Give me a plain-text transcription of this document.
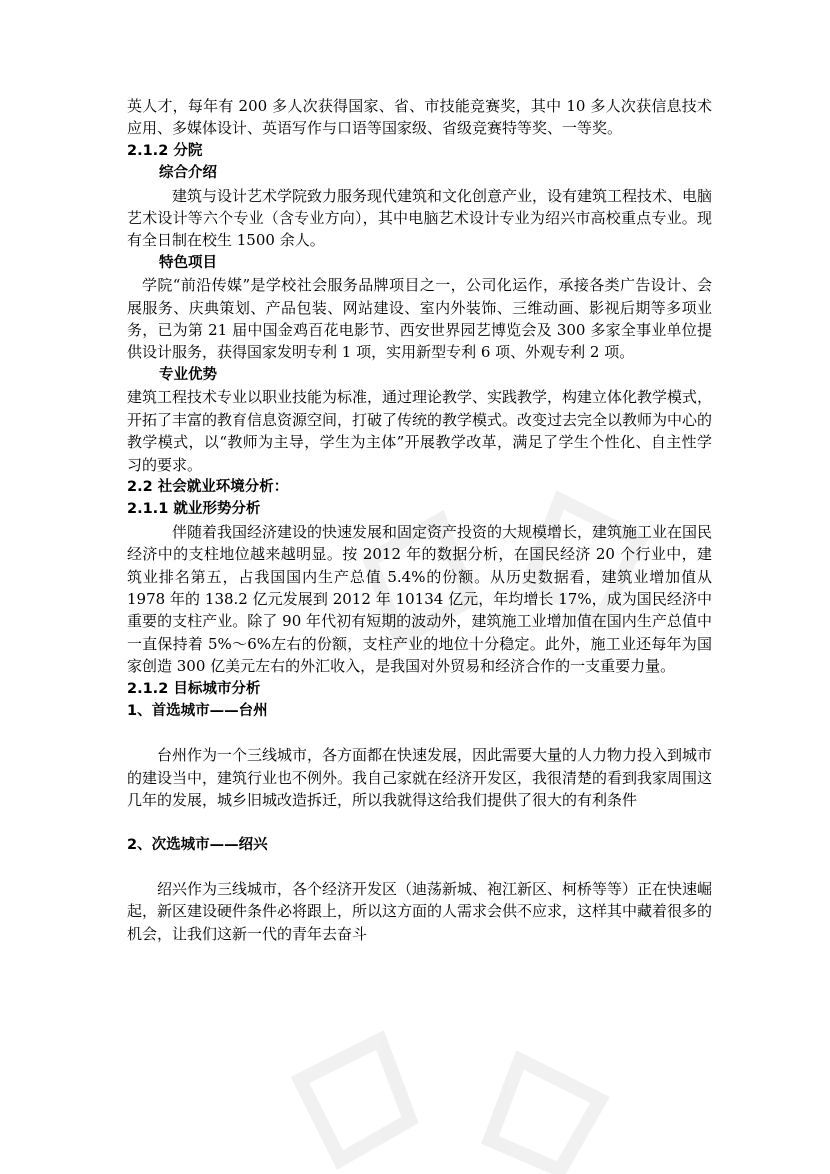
英人才，每年有 200 多人次获得国家、省、市技能竞赛奖，其中 10 多人次获信息技术应用、多媒体设计、英语写作与口语等国家级、省级竞赛特等奖、一等奖。

2.1.2 分院

综合介绍

建筑与设计艺术学院致力服务现代建筑和文化创意产业，设有建筑工程技术、电脑艺术设计等六个专业（含专业方向），其中电脑艺术设计专业为绍兴市高校重点专业。现有全日制在校生 1500 余人。

特色项目

学院“前沿传媒”是学校社会服务品牌项目之一，公司化运作，承接各类广告设计、会展服务、庆典策划、产品包装、网站建设、室内外装饰、三维动画、影视后期等多项业务，已为第 21 届中国金鸡百花电影节、西安世界园艺博览会及 300 多家全事业单位提供设计服务，获得国家发明专利 1 项，实用新型专利 6 项、外观专利 2 项。

专业优势

建筑工程技术专业以职业技能为标准，通过理论教学、实践教学，构建立体化教学模式，开拓了丰富的教育信息资源空间，打破了传统的教学模式。改变过去完全以教师为中心的教学模式，以“教师为主导，学生为主体”开展教学改革，满足了学生个性化、自主性学习的要求。

2.2 社会就业环境分析：

2.1.1 就业形势分析

伴随着我国经济建设的快速发展和固定资产投资的大规模增长，建筑施工业在国民经济中的支柱地位越来越明显。按 2012 年的数据分析，在国民经济 20 个行业中，建筑业排名第五，占我国国内生产总值 5.4%的份额。从历史数据看，建筑业增加值从 1978 年的 138.2 亿元发展到 2012 年 10134 亿元，年均增长 17%，成为国民经济中重要的支柱产业。除了 90 年代初有短期的波动外，建筑施工业增加值在国内生产总值中一直保持着 5%～6%左右的份额，支柱产业的地位十分稳定。此外，施工业还每年为国家创造 300 亿美元左右的外汇收入，是我国对外贸易和经济合作的一支重要力量。

2.1.2 目标城市分析

1、首选城市——台州

台州作为一个三线城市，各方面都在快速发展，因此需要大量的人力物力投入到城市的建设当中，建筑行业也不例外。我自己家就在经济开发区，我很清楚的看到我家周围这几年的发展，城乡旧城改造拆迁，所以我就得这给我们提供了很大的有利条件

2、次选城市——绍兴

绍兴作为三线城市，各个经济开发区（迪荡新城、袍江新区、柯桥等等）正在快速崛起，新区建设硬件条件必将跟上，所以这方面的人需求会供不应求，这样其中藏着很多的机会，让我们这新一代的青年去奋斗
